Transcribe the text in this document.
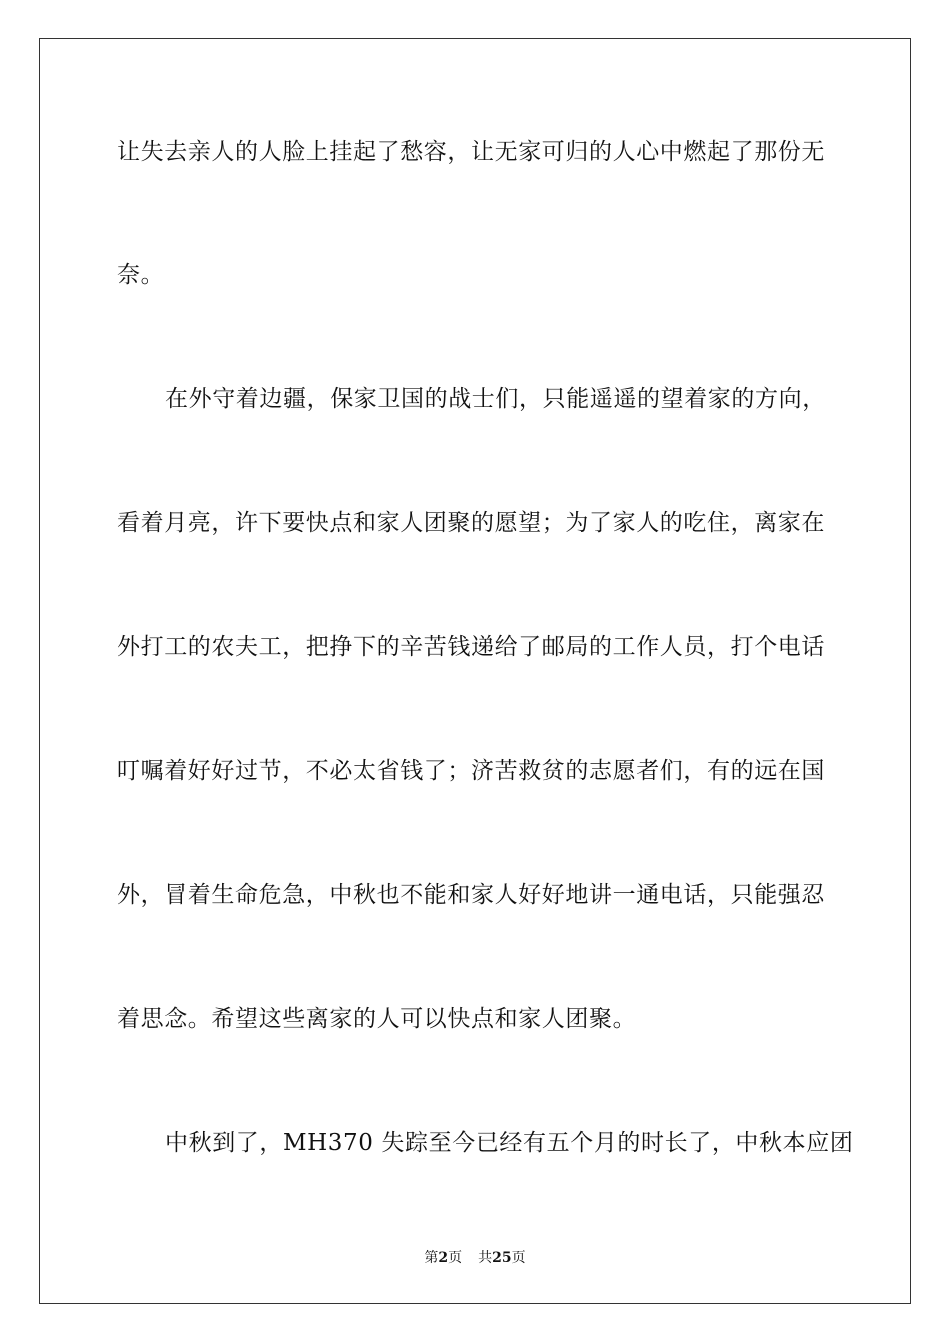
让失去亲人的人脸上挂起了愁容，让无家可归的人心中燃起了那份无
奈。
在外守着边疆，保家卫国的战士们，只能遥遥的望着家的方向，
看着月亮，许下要快点和家人团聚的愿望；为了家人的吃住，离家在
外打工的农夫工，把挣下的辛苦钱递给了邮局的工作人员，打个电话
叮嘱着好好过节，不必太省钱了；济苦救贫的志愿者们，有的远在国
外，冒着生命危急，中秋也不能和家人好好地讲一通电话，只能强忍
着思念。希望这些离家的人可以快点和家人团聚。
中秋到了，MH370 失踪至今已经有五个月的时长了，中秋本应团
第2页 共25页
